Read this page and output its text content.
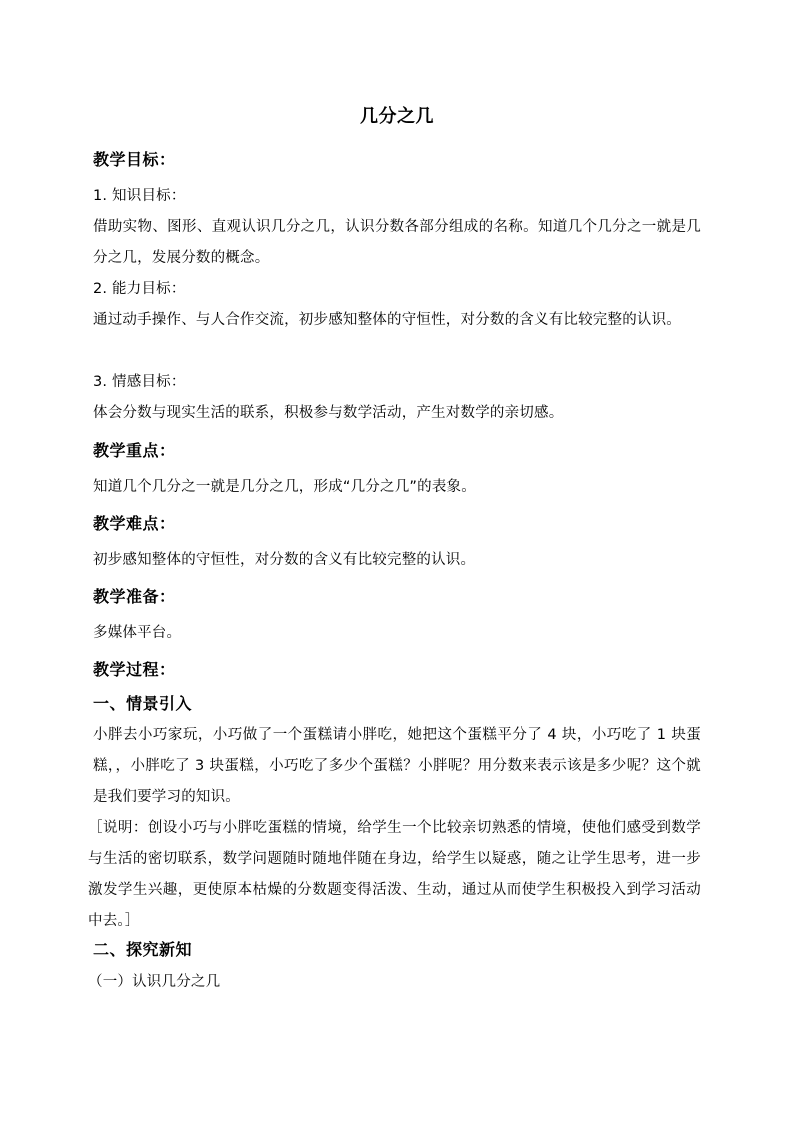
几分之几
教学目标：
1. 知识目标：
借助实物、图形、直观认识几分之几，认识分数各部分组成的名称。知道几个几分之一就是几分之几，发展分数的概念。
2. 能力目标：
通过动手操作、与人合作交流，初步感知整体的守恒性，对分数的含义有比较完整的认识。
3. 情感目标：
体会分数与现实生活的联系，积极参与数学活动，产生对数学的亲切感。
教学重点：
知道几个几分之一就是几分之几，形成“几分之几”的表象。
教学难点：
初步感知整体的守恒性，对分数的含义有比较完整的认识。
教学准备：
多媒体平台。
教学过程：
一、情景引入
小胖去小巧家玩，小巧做了一个蛋糕请小胖吃，她把这个蛋糕平分了 4 块，小巧吃了 1 块蛋糕，，小胖吃了 3 块蛋糕，小巧吃了多少个蛋糕？小胖呢？用分数来表示该是多少呢？这个就是我们要学习的知识。
［说明：创设小巧与小胖吃蛋糕的情境，给学生一个比较亲切熟悉的情境，使他们感受到数学与生活的密切联系，数学问题随时随地伴随在身边，给学生以疑惑，随之让学生思考，进一步激发学生兴趣，更使原本枯燥的分数题变得活泼、生动，通过从而使学生积极投入到学习活动中去。］
二、探究新知
（一）认识几分之几
